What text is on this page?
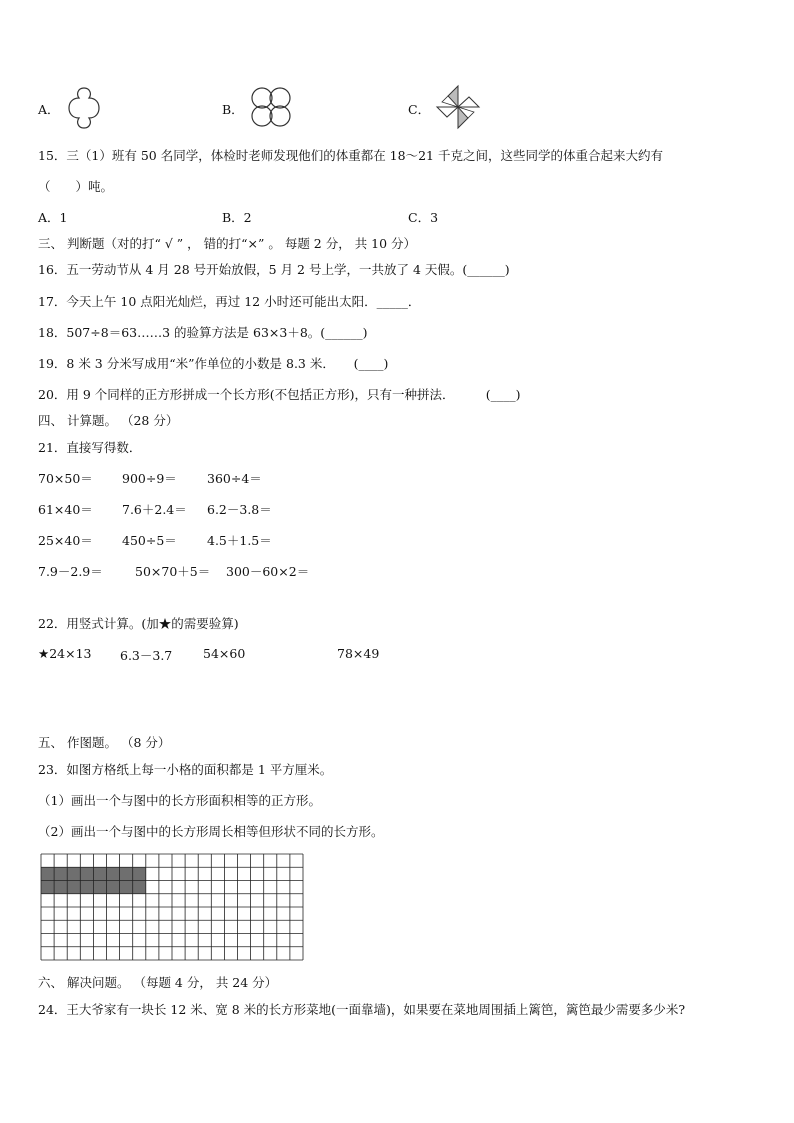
A．	B．	C．
15．三（1）班有 50 名同学，体检时老师发现他们的体重都在 18～21 千克之间，这些同学的体重合起来大约有
（　　）吨。
A．1	B．2	C．3
三、 判断题（对的打“ √ ” ， 错的打“×” 。 每题 2 分， 共 10 分）
16．五一劳动节从 4 月 28 号开始放假，5 月 2 号上学，一共放了 4 天假。(______)
17．今天上午 10 点阳光灿烂，再过 12 小时还可能出太阳．_____．
18．507÷8＝63……3 的验算方法是 63×3＋8。(______)
19．8 米 3 分米写成用“米”作单位的小数是 8.3 米．　　(____)
20．用 9 个同样的正方形拼成一个长方形(不包括正方形)，只有一种拼法．　　　(____)
四、 计算题。 （28 分）
21．直接写得数．
70×50＝ 900÷9＝ 360÷4＝
61×40＝ 7.6＋2.4＝ 6.2－3.8＝
25×40＝ 450÷5＝ 4.5＋1.5＝
7.9－2.9＝	50×70＋5＝ 300－60×2＝
22．用竖式计算。(加★的需要验算)
★24×13 6.3－3.7 54×60	78×49
五、 作图题。 （8 分）
23．如图方格纸上每一小格的面积都是 1 平方厘米。
（1）画出一个与图中的长方形面积相等的正方形。
（2）画出一个与图中的长方形周长相等但形状不同的长方形。
六、 解决问题。 （每题 4 分， 共 24 分）
24．王大爷家有一块长 12 米、宽 8 米的长方形菜地(一面靠墙)，如果要在菜地周围插上篱笆，篱笆最少需要多少米?
